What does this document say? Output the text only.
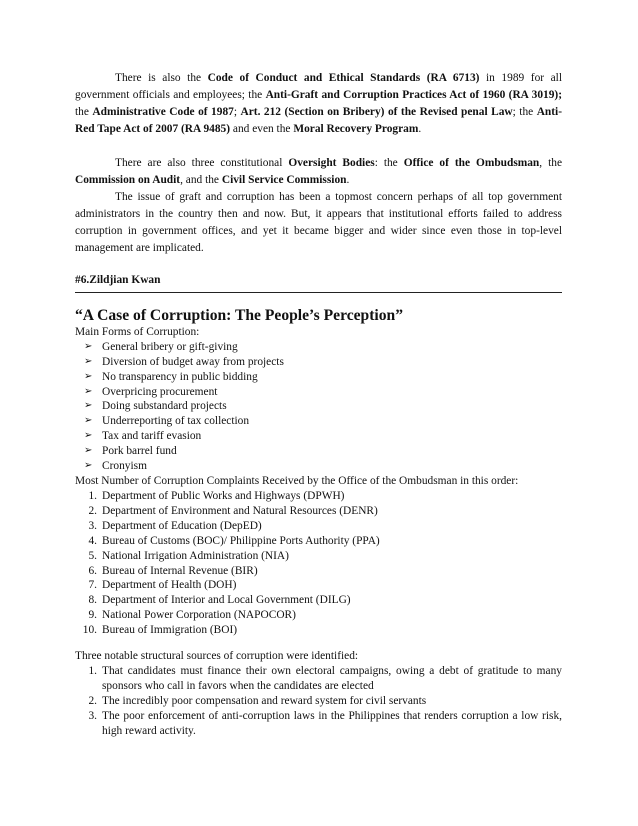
There is also the Code of Conduct and Ethical Standards (RA 6713) in 1989 for all government officials and employees; the Anti-Graft and Corruption Practices Act of 1960 (RA 3019); the Administrative Code of 1987; Art. 212 (Section on Bribery) of the Revised penal Law; the Anti-Red Tape Act of 2007 (RA 9485) and even the Moral Recovery Program.

There are also three constitutional Oversight Bodies: the Office of the Ombudsman, the Commission on Audit, and the Civil Service Commission.

The issue of graft and corruption has been a topmost concern perhaps of all top government administrators in the country then and now. But, it appears that institutional efforts failed to address corruption in government offices, and yet it became bigger and wider since even those in top-level management are implicated.

#6.Zildjian Kwan
“A Case of Corruption: The People’s Perception”

Main Forms of Corruption:

➢ General bribery or gift-giving
➢ Diversion of budget away from projects
➢ No transparency in public bidding
➢ Overpricing procurement
➢ Doing substandard projects
➢ Underreporting of tax collection
➢ Tax and tariff evasion
➢ Pork barrel fund
➢ Cronyism

Most Number of Corruption Complaints Received by the Office of the Ombudsman in this order:

1. Department of Public Works and Highways (DPWH)
2. Department of Environment and Natural Resources (DENR)
3. Department of Education (DepED)
4. Bureau of Customs (BOC)/ Philippine Ports Authority (PPA)
5. National Irrigation Administration (NIA)
6. Bureau of Internal Revenue (BIR)
7. Department of Health (DOH)
8. Department of Interior and Local Government (DILG)
9. National Power Corporation (NAPOCOR)
10. Bureau of Immigration (BOI)

Three notable structural sources of corruption were identified:

1. That candidates must finance their own electoral campaigns, owing a debt of gratitude to many sponsors who call in favors when the candidates are elected
2. The incredibly poor compensation and reward system for civil servants
3. The poor enforcement of anti-corruption laws in the Philippines that renders corruption a low risk, high reward activity.
